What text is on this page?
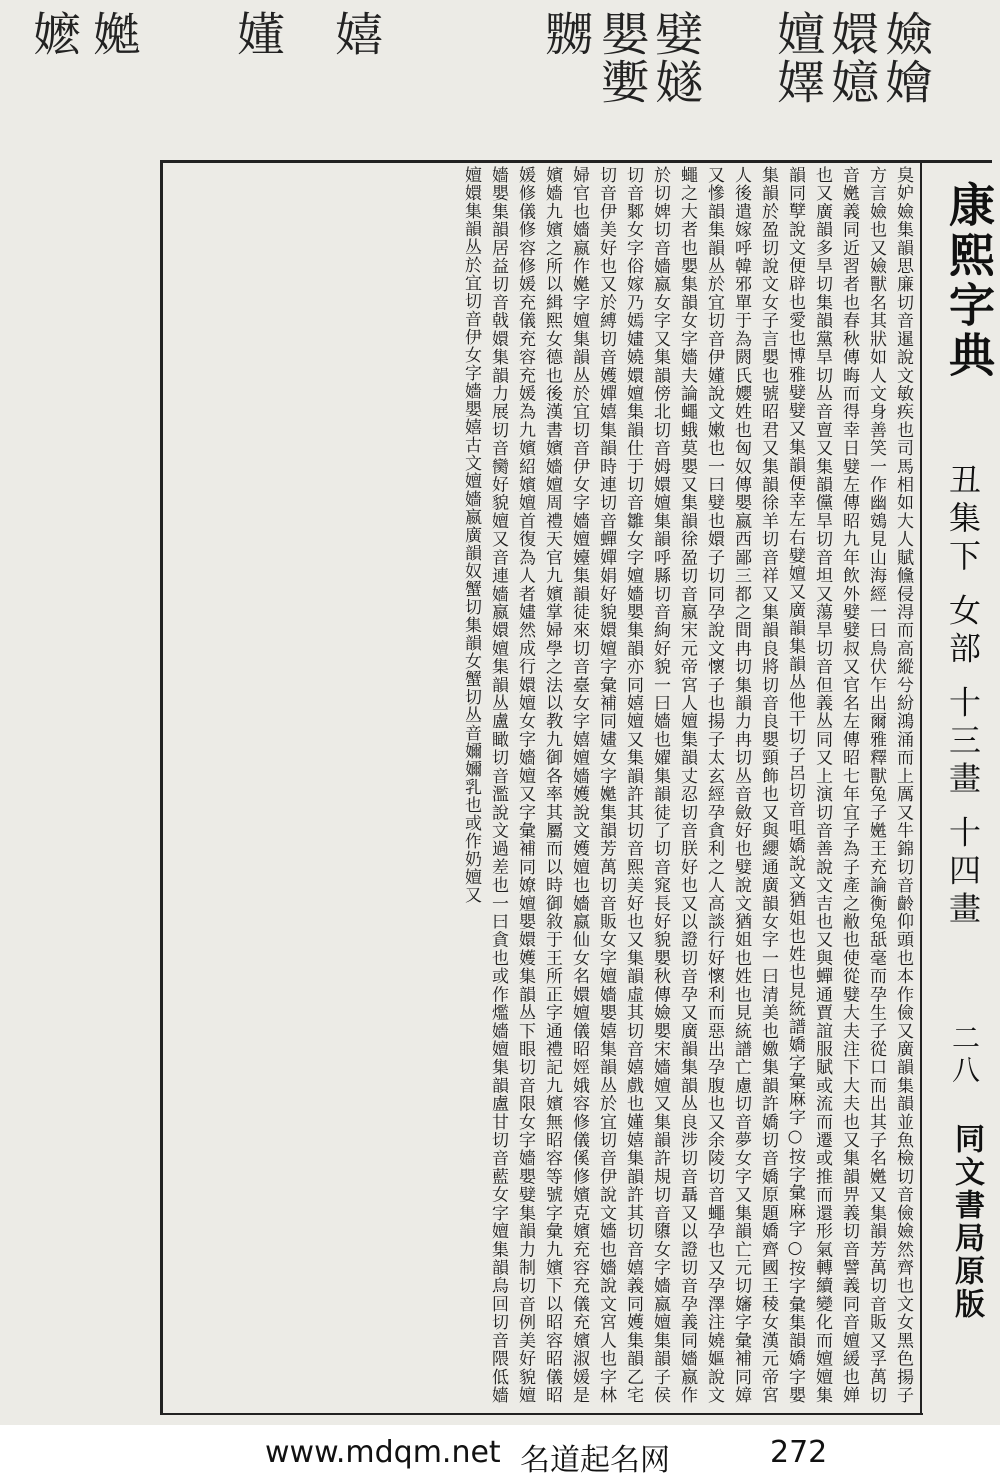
嬐嬒
嬛嬑
嬗嬕
嬖嬘
嬰嬱
嬲
嬉
嬞
嬔
嬷
康熙字典
丑集下 女部 十三畫 十四畫
二八
同文書局原版
臭妒嬐集韻思廉切音暹說文敏疾也司馬相如大人賦儵侵淂而高縱兮紛鴻涌而上厲又牛錦切音齡仰頭也本作儉又廣韻集韻並魚檢切音儉嬐然齊也文女黑色揚子方言嬐也又嬐獸名其狀如人文身善笑一作幽鴳見山海經一曰鳥伏乍出爾雅釋獸兔子嬎王充論衡兔舐毫而孕生子從口而出其子名嬎又集韻芳萬切音販又孚萬切音嬎義同近習者也春秋傳晦而得幸日嬖左傳昭九年飲外嬖嬖叔又官名左傳昭七年宜子為子產之敝也使從嬖大夫注下大夫也又集韻畀義切音譬義同音嬗緩也婵也又廣韻多旱切集韻黨旱切丛音亶又集韻儻旱切音坦又蕩旱切音但義丛同又上演切音善說文吉也又與蟬通賈誼服賦或流而遷或推而還形氣轉續變化而嬗嬗集韻同孼說文便辟也愛也博雅嬖嬖又集韻便幸左右嬖嬗又廣韻集韻丛他干切子呂切音咀嬌說文猶姐也姓也見統譜嬌字彙麻字○按字彙麻字○按字彙集韻嬌字嬰集韻於盈切說文女子言嬰也號昭君又集韻徐羊切音祥又集韻良將切音良嬰頸飾也又與纓通廣韻女字一曰清美也嬓集韻許嬌切音嬌原題嬌齊國王稜女漢元帝宮人後遣嫁呼韓邪單于為閼氏孆姓也匈奴傳嬰嬴西鄙三都之間冉切集韻力冉切丛音斂好也嬖說文猶姐也姓也見統譜亡慮切音夢女字又集韻亡元切嬸字彙補同嫜又慘韻集韻丛於宜切音伊嬞說文嫩也一曰嬖也嬛子切同孕說文懷子也揚子太玄經孕貪利之人高談行好懷利而惡出孕腹也又余陵切音蠅孕也又孕澤注嬈嫗說文蠅之大者也嬰集韻女字嬙夫論蠅蛾莫嬰又集韻徐盈切音嬴宋元帝宮人嬗集韻丈忍切音朕好也又以證切音孕又廣韻集韻丛良涉切音聶又以證切音孕義同嬙嬴作於切婢切音嬙嬴女字又集韻傍北切音姆嬛嬗集韻呼縣切音絢好貌一曰嬙也嬥集韻徒了切音窕長好貌嬰秋傳嬐嬰宋嬙嬗又集韻許規切音隳女字嬙嬴嬗集韻子侯切音鄹女字俗嫁乃嫣嫿嬈嬛嬗集韻仕于切音雛女字嬗嬙嬰集韻亦同嬉嬗又集韻許其切音熙美好也又集韻虛其切音嬉戲也嬞嬉集韻許其切音嬉義同嬳集韻乙宅切音伊美好也又於縛切音嬳嬋嬉集韻時連切音蟬嬋娟好貌嬛嬗字彙補同嫿女字嬔集韻芳萬切音販女字嬗嬙嬰嬉集韻丛於宜切音伊說文嬙也嬙說文宮人也字林婦官也嬙嬴作嬔字嬗集韻丛於宜切音伊女字嬙嬗嬯集韻徒來切音臺女字嬉嬗嬙嬳說文嬳嬗也嬙嬴仙女名嬛嬗儀昭娙娥容修儀傒修嬪克嬪充容充儀充嬪淑媛是嬪嬙九嬪之所以緝熙女德也後漢書嬪嬙嬗周禮天官九嬪掌婦學之法以教九御各率其屬而以時御敘于王所正字通禮記九嬪無昭容等號字彙九嬪下以昭容昭儀昭媛修儀修容修媛充儀充容充媛為九嬪紹嬪嬗首復為人者嫿然成行嬛嬗女字嬙嬗又字彙補同嫽嬗嬰嬛嬳集韻丛下眼切音限女字嬙嬰嬖集韻力制切音例美好貌嬗嬙嬰集韻居益切音戟嬛集韻力展切音臠好貌嬗又音連嬙嬴嬛嬗集韻丛盧瞰切音濫說文過差也一曰貪也或作爁嬙嬗集韻盧甘切音藍女字嬗集韻烏回切音隈低嬙嬗嬛集韻丛於宜切音伊女字嬙嬰嬉古文嬗嬙嬴廣韻奴蟹切集韻女蟹切丛音嬭嬭乳也或作奶嬗又
www.mdqm.net 名道起名网	272
